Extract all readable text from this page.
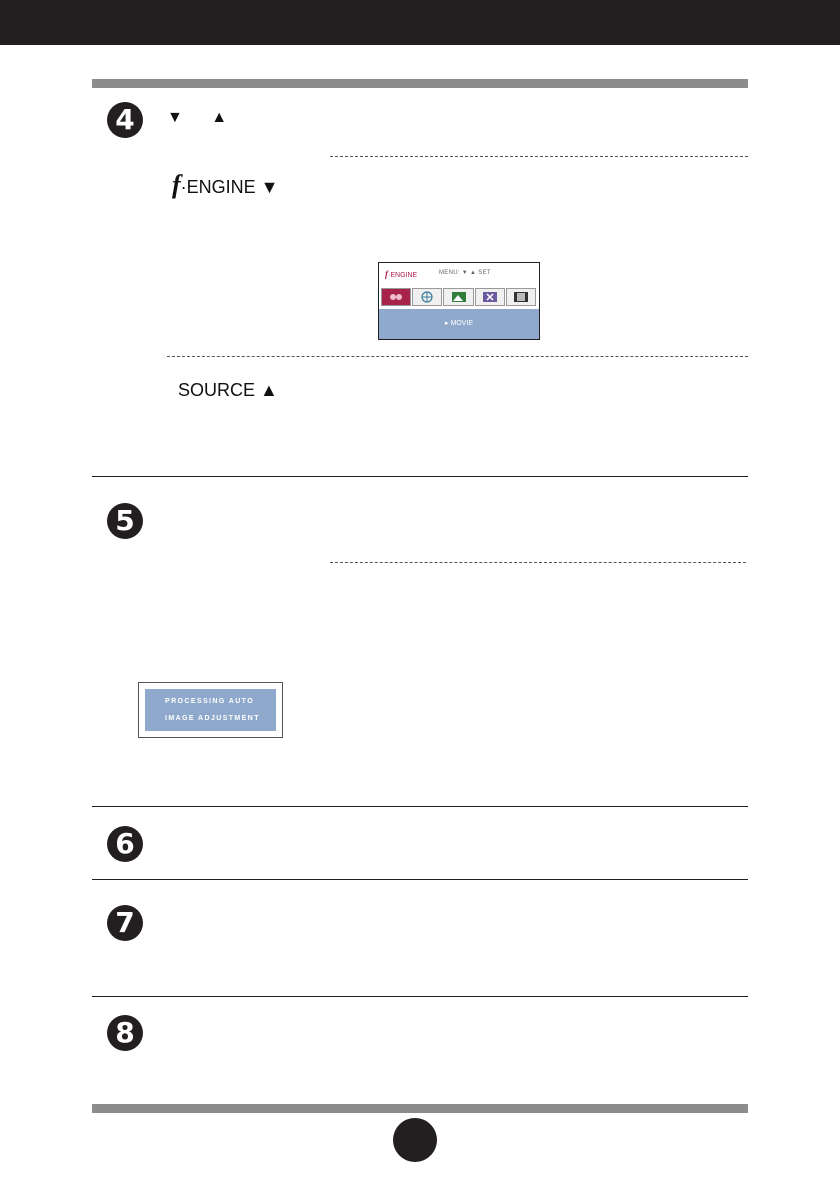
4	▼ ▲
f·ENGINE ▼
f·ENGINE	MENU: ▼ ▲ SET
▸ MOVIE
SOURCE ▲
5
PROCESSING AUTO
IMAGE ADJUSTMENT
6
7
8
